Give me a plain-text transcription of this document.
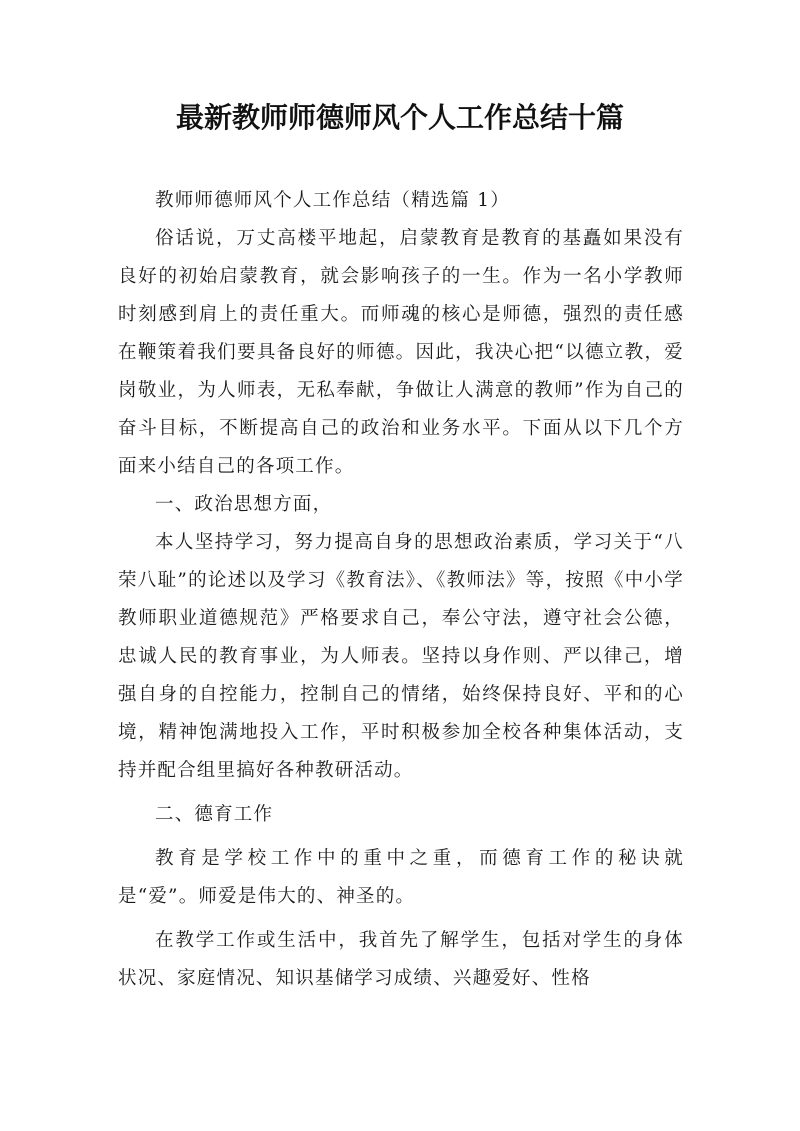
最新教师师德师风个人工作总结十篇

教师师德师风个人工作总结（精选篇 1）

俗话说，万丈高楼平地起，启蒙教育是教育的基矗如果没有良好的初始启蒙教育，就会影响孩子的一生。作为一名小学教师时刻感到肩上的责任重大。而师魂的核心是师德，强烈的责任感在鞭策着我们要具备良好的师德。因此，我决心把“以德立教，爱岗敬业，为人师表，无私奉献，争做让人满意的教师”作为自己的奋斗目标，不断提高自己的政治和业务水平。下面从以下几个方面来小结自己的各项工作。

一、政治思想方面，

本人坚持学习，努力提高自身的思想政治素质，学习关于“八荣八耻”的论述以及学习《教育法》、《教师法》等，按照《中小学教师职业道德规范》严格要求自己，奉公守法，遵守社会公德，忠诚人民的教育事业，为人师表。坚持以身作则、严以律己，增强自身的自控能力，控制自己的情绪，始终保持良好、平和的心境，精神饱满地投入工作，平时积极参加全校各种集体活动，支持并配合组里搞好各种教研活动。

二、德育工作

教育是学校工作中的重中之重，而德育工作的秘诀就是“爱”。师爱是伟大的、神圣的。

在教学工作或生活中，我首先了解学生，包括对学生的身体状况、家庭情况、知识基储学习成绩、兴趣爱好、性格
